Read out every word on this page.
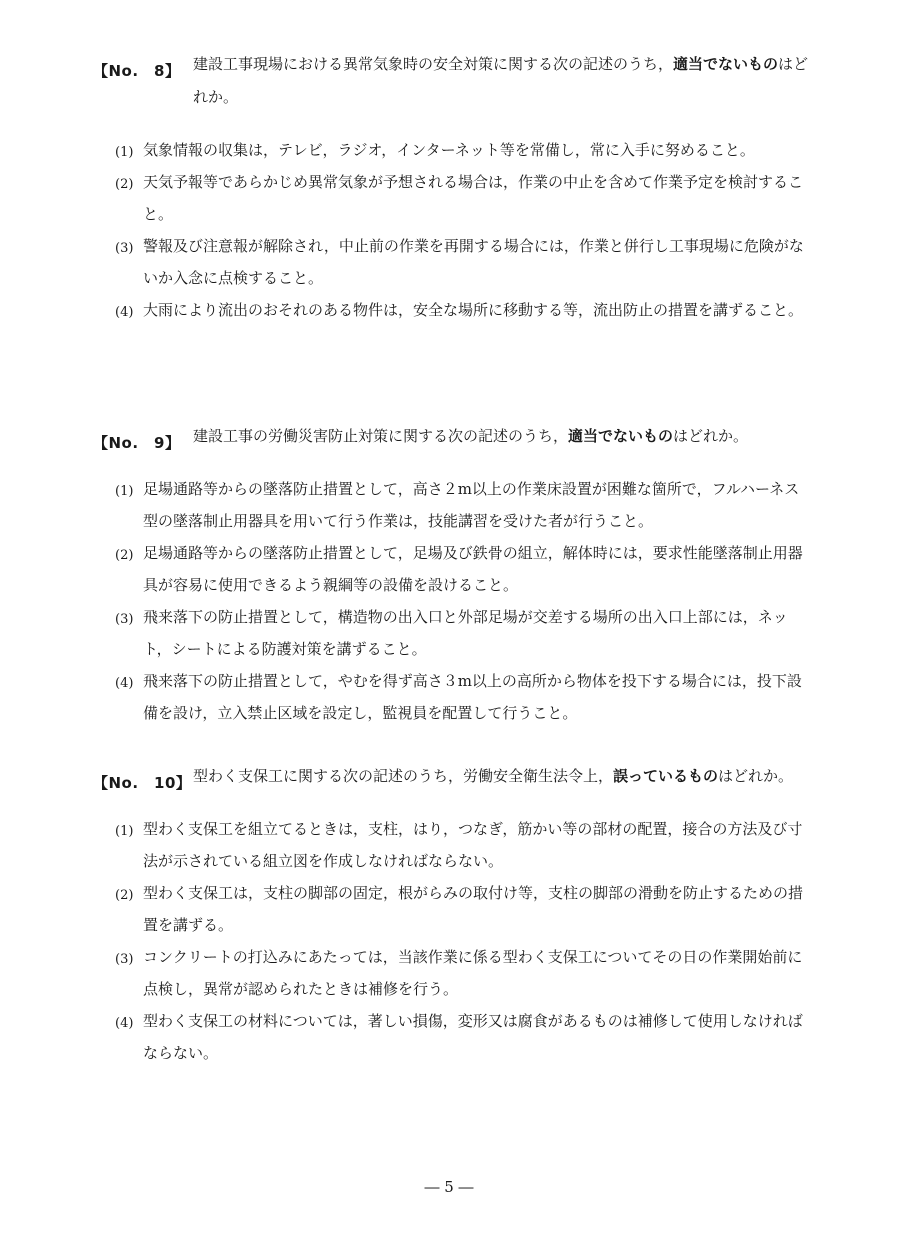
【No.　8】 建設工事現場における異常気象時の安全対策に関する次の記述のうち，適当でないものはどれか。
(1) 気象情報の収集は，テレビ，ラジオ，インターネット等を常備し，常に入手に努めること。
(2) 天気予報等であらかじめ異常気象が予想される場合は，作業の中止を含めて作業予定を検討すること。
(3) 警報及び注意報が解除され，中止前の作業を再開する場合には，作業と併行し工事現場に危険がないか入念に点検すること。
(4) 大雨により流出のおそれのある物件は，安全な場所に移動する等，流出防止の措置を講ずること。
【No.　9】 建設工事の労働災害防止対策に関する次の記述のうち，適当でないものはどれか。
(1) 足場通路等からの墜落防止措置として，高さ２m以上の作業床設置が困難な箇所で，フルハーネス型の墜落制止用器具を用いて行う作業は，技能講習を受けた者が行うこと。
(2) 足場通路等からの墜落防止措置として，足場及び鉄骨の組立，解体時には，要求性能墜落制止用器具が容易に使用できるよう親綱等の設備を設けること。
(3) 飛来落下の防止措置として，構造物の出入口と外部足場が交差する場所の出入口上部には，ネット，シートによる防護対策を講ずること。
(4) 飛来落下の防止措置として，やむを得ず高さ３m以上の高所から物体を投下する場合には，投下設備を設け，立入禁止区域を設定し，監視員を配置して行うこと。
【No.　10】 型わく支保工に関する次の記述のうち，労働安全衛生法令上，誤っているものはどれか。
(1) 型わく支保工を組立てるときは，支柱，はり，つなぎ，筋かい等の部材の配置，接合の方法及び寸法が示されている組立図を作成しなければならない。
(2) 型わく支保工は，支柱の脚部の固定，根がらみの取付け等，支柱の脚部の滑動を防止するための措置を講ずる。
(3) コンクリートの打込みにあたっては，当該作業に係る型わく支保工についてその日の作業開始前に点検し，異常が認められたときは補修を行う。
(4) 型わく支保工の材料については，著しい損傷，変形又は腐食があるものは補修して使用しなければならない。
― 5 ―
